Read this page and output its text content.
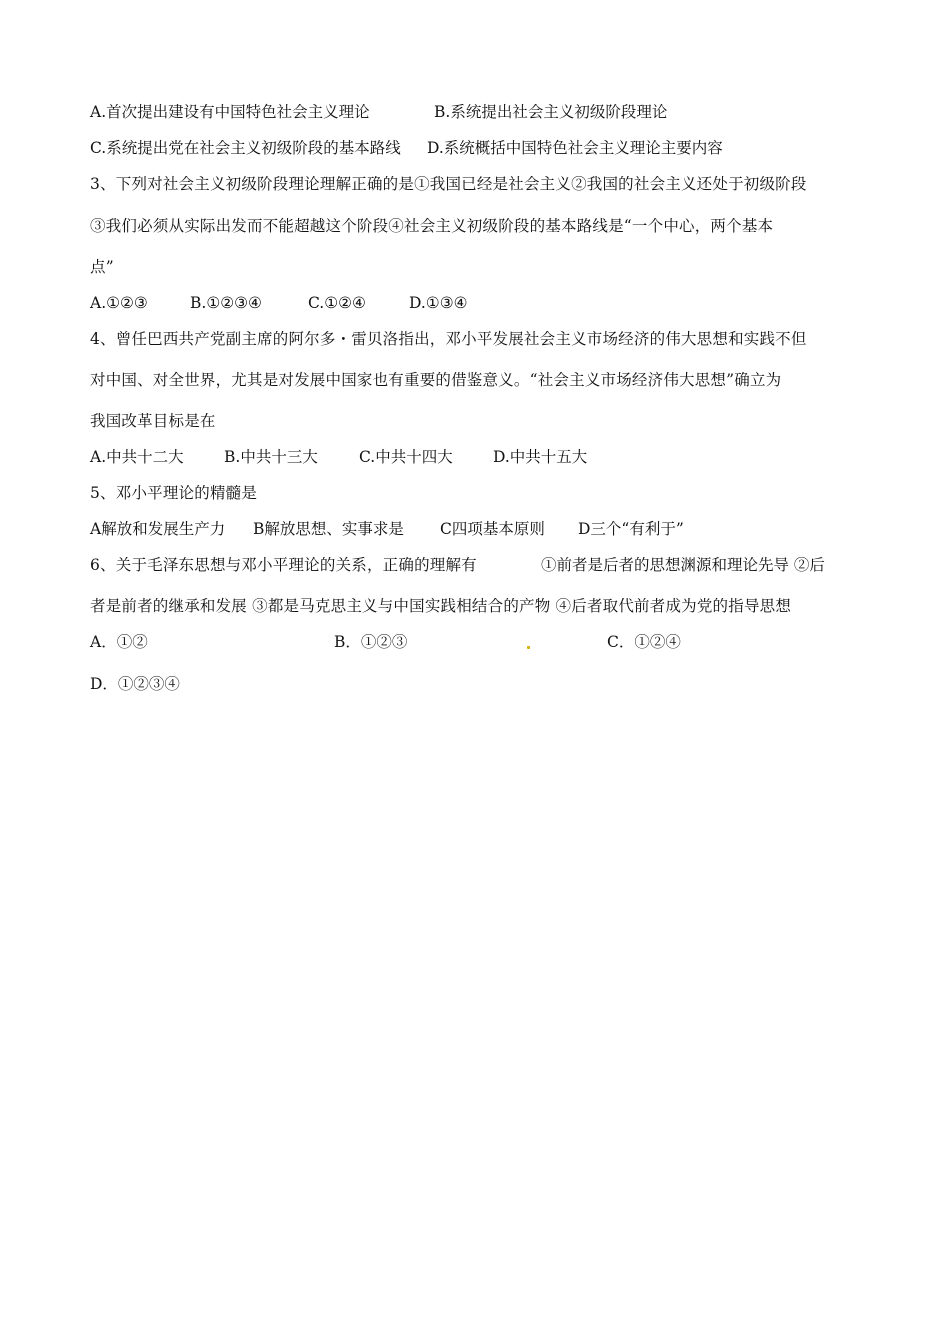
A.首次提出建设有中国特色社会主义理论	B.系统提出社会主义初级阶段理论
C.系统提出党在社会主义初级阶段的基本路线 D.系统概括中国特色社会主义理论主要内容
3、下列对社会主义初级阶段理论理解正确的是①我国已经是社会主义②我国的社会主义还处于初级阶段
③我们必须从实际出发而不能超越这个阶段④社会主义初级阶段的基本路线是“一个中心，两个基本
点”
A.①②③	B.①②③④	C.①②④	D.①③④
4、曾任巴西共产党副主席的阿尔多・雷贝洛指出，邓小平发展社会主义市场经济的伟大思想和实践不但
对中国、对全世界，尤其是对发展中国家也有重要的借鉴意义。“社会主义市场经济伟大思想”确立为
我国改革目标是在
A.中共十二大	B.中共十三大	C.中共十四大	D.中共十五大
5、邓小平理论的精髓是
A解放和发展生产力 B解放思想、实事求是 C四项基本原则 D三个“有利于”
6、关于毛泽东思想与邓小平理论的关系，正确的理解有	①前者是后者的思想渊源和理论先导 ②后
者是前者的继承和发展 ③都是马克思主义与中国实践相结合的产物 ④后者取代前者成为党的指导思想
A．①②	B．①②③	C．①②④
D．①②③④
